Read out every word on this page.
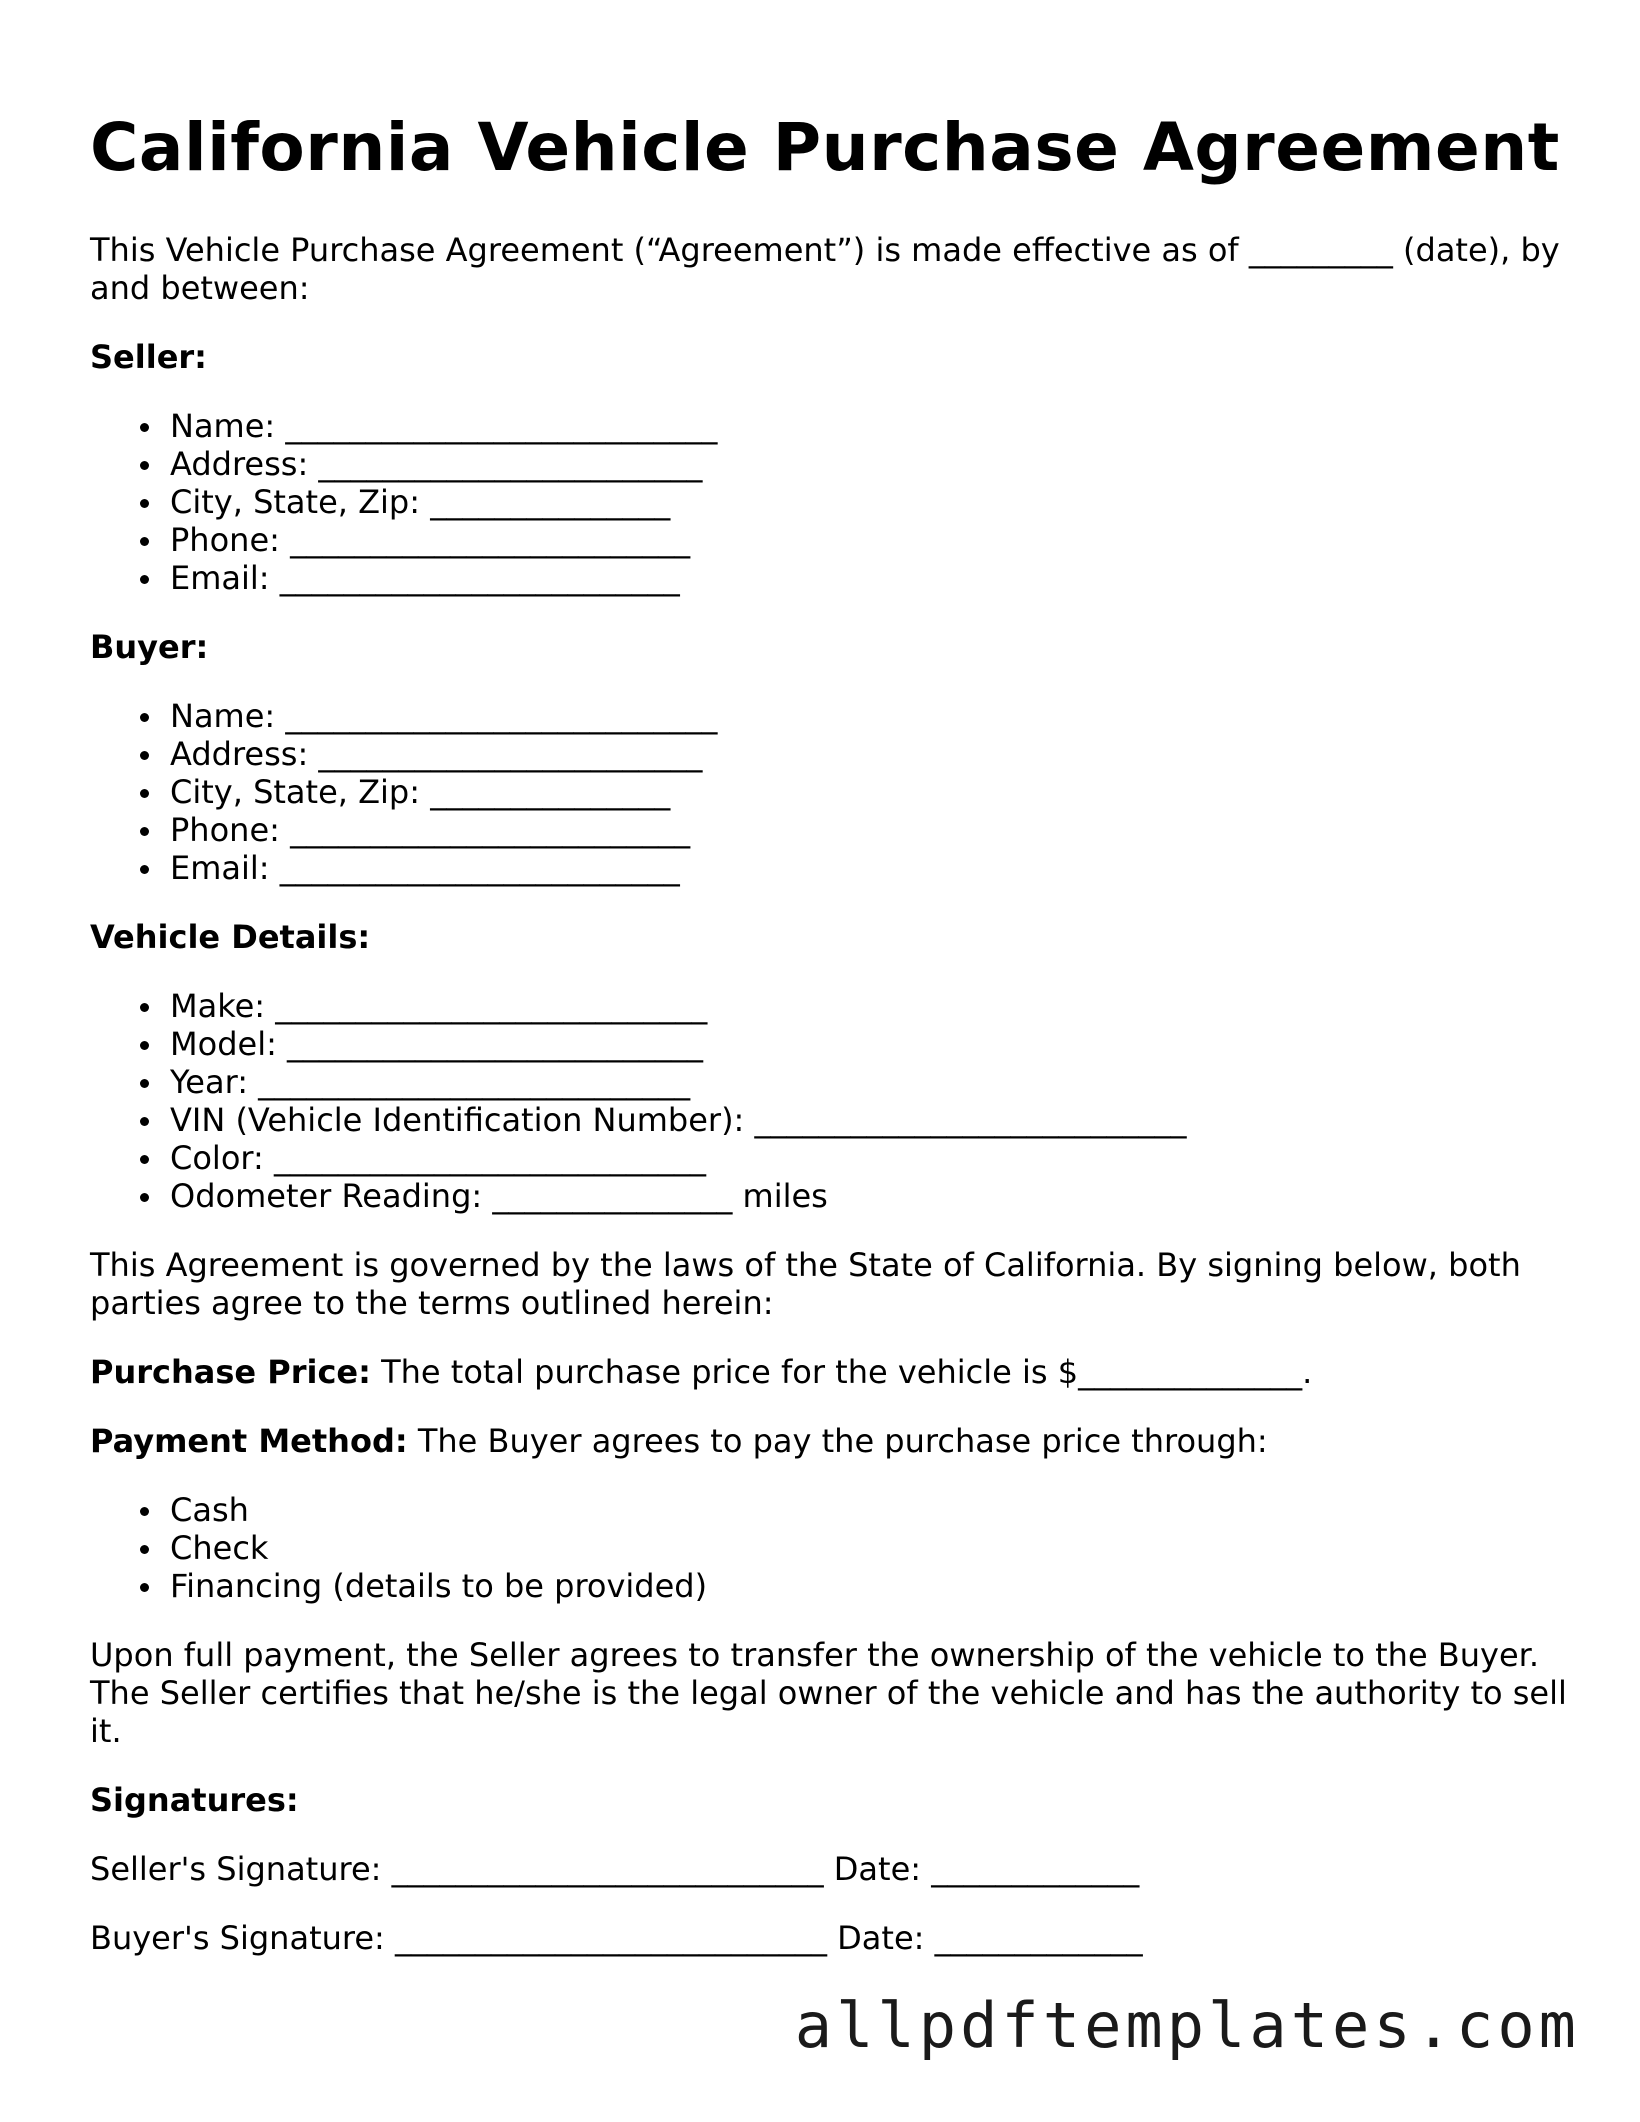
California Vehicle Purchase Agreement

This Vehicle Purchase Agreement (“Agreement”) is made effective as of _________ (date), by and between:

Seller:
Name: ___________________________
Address: ________________________
City, State, Zip: _______________
Phone: _________________________
Email: _________________________
Buyer:
Name: ___________________________
Address: ________________________
City, State, Zip: _______________
Phone: _________________________
Email: _________________________
Vehicle Details:
Make: ___________________________
Model: __________________________
Year: ___________________________
VIN (Vehicle Identification Number): ___________________________
Color: ___________________________
Odometer Reading: _______________ miles

This Agreement is governed by the laws of the State of California. By signing below, both parties agree to the terms outlined herein:

Purchase Price: The total purchase price for the vehicle is $______________.

Payment Method: The Buyer agrees to pay the purchase price through:

Cash
Check
Financing (details to be provided)

Upon full payment, the Seller agrees to transfer the ownership of the vehicle to the Buyer. The Seller certifies that he/she is the legal owner of the vehicle and has the authority to sell it.

Signatures:

Seller's Signature: ___________________________ Date: _____________

Buyer's Signature: ___________________________ Date: _____________

allpdftemplates.com
